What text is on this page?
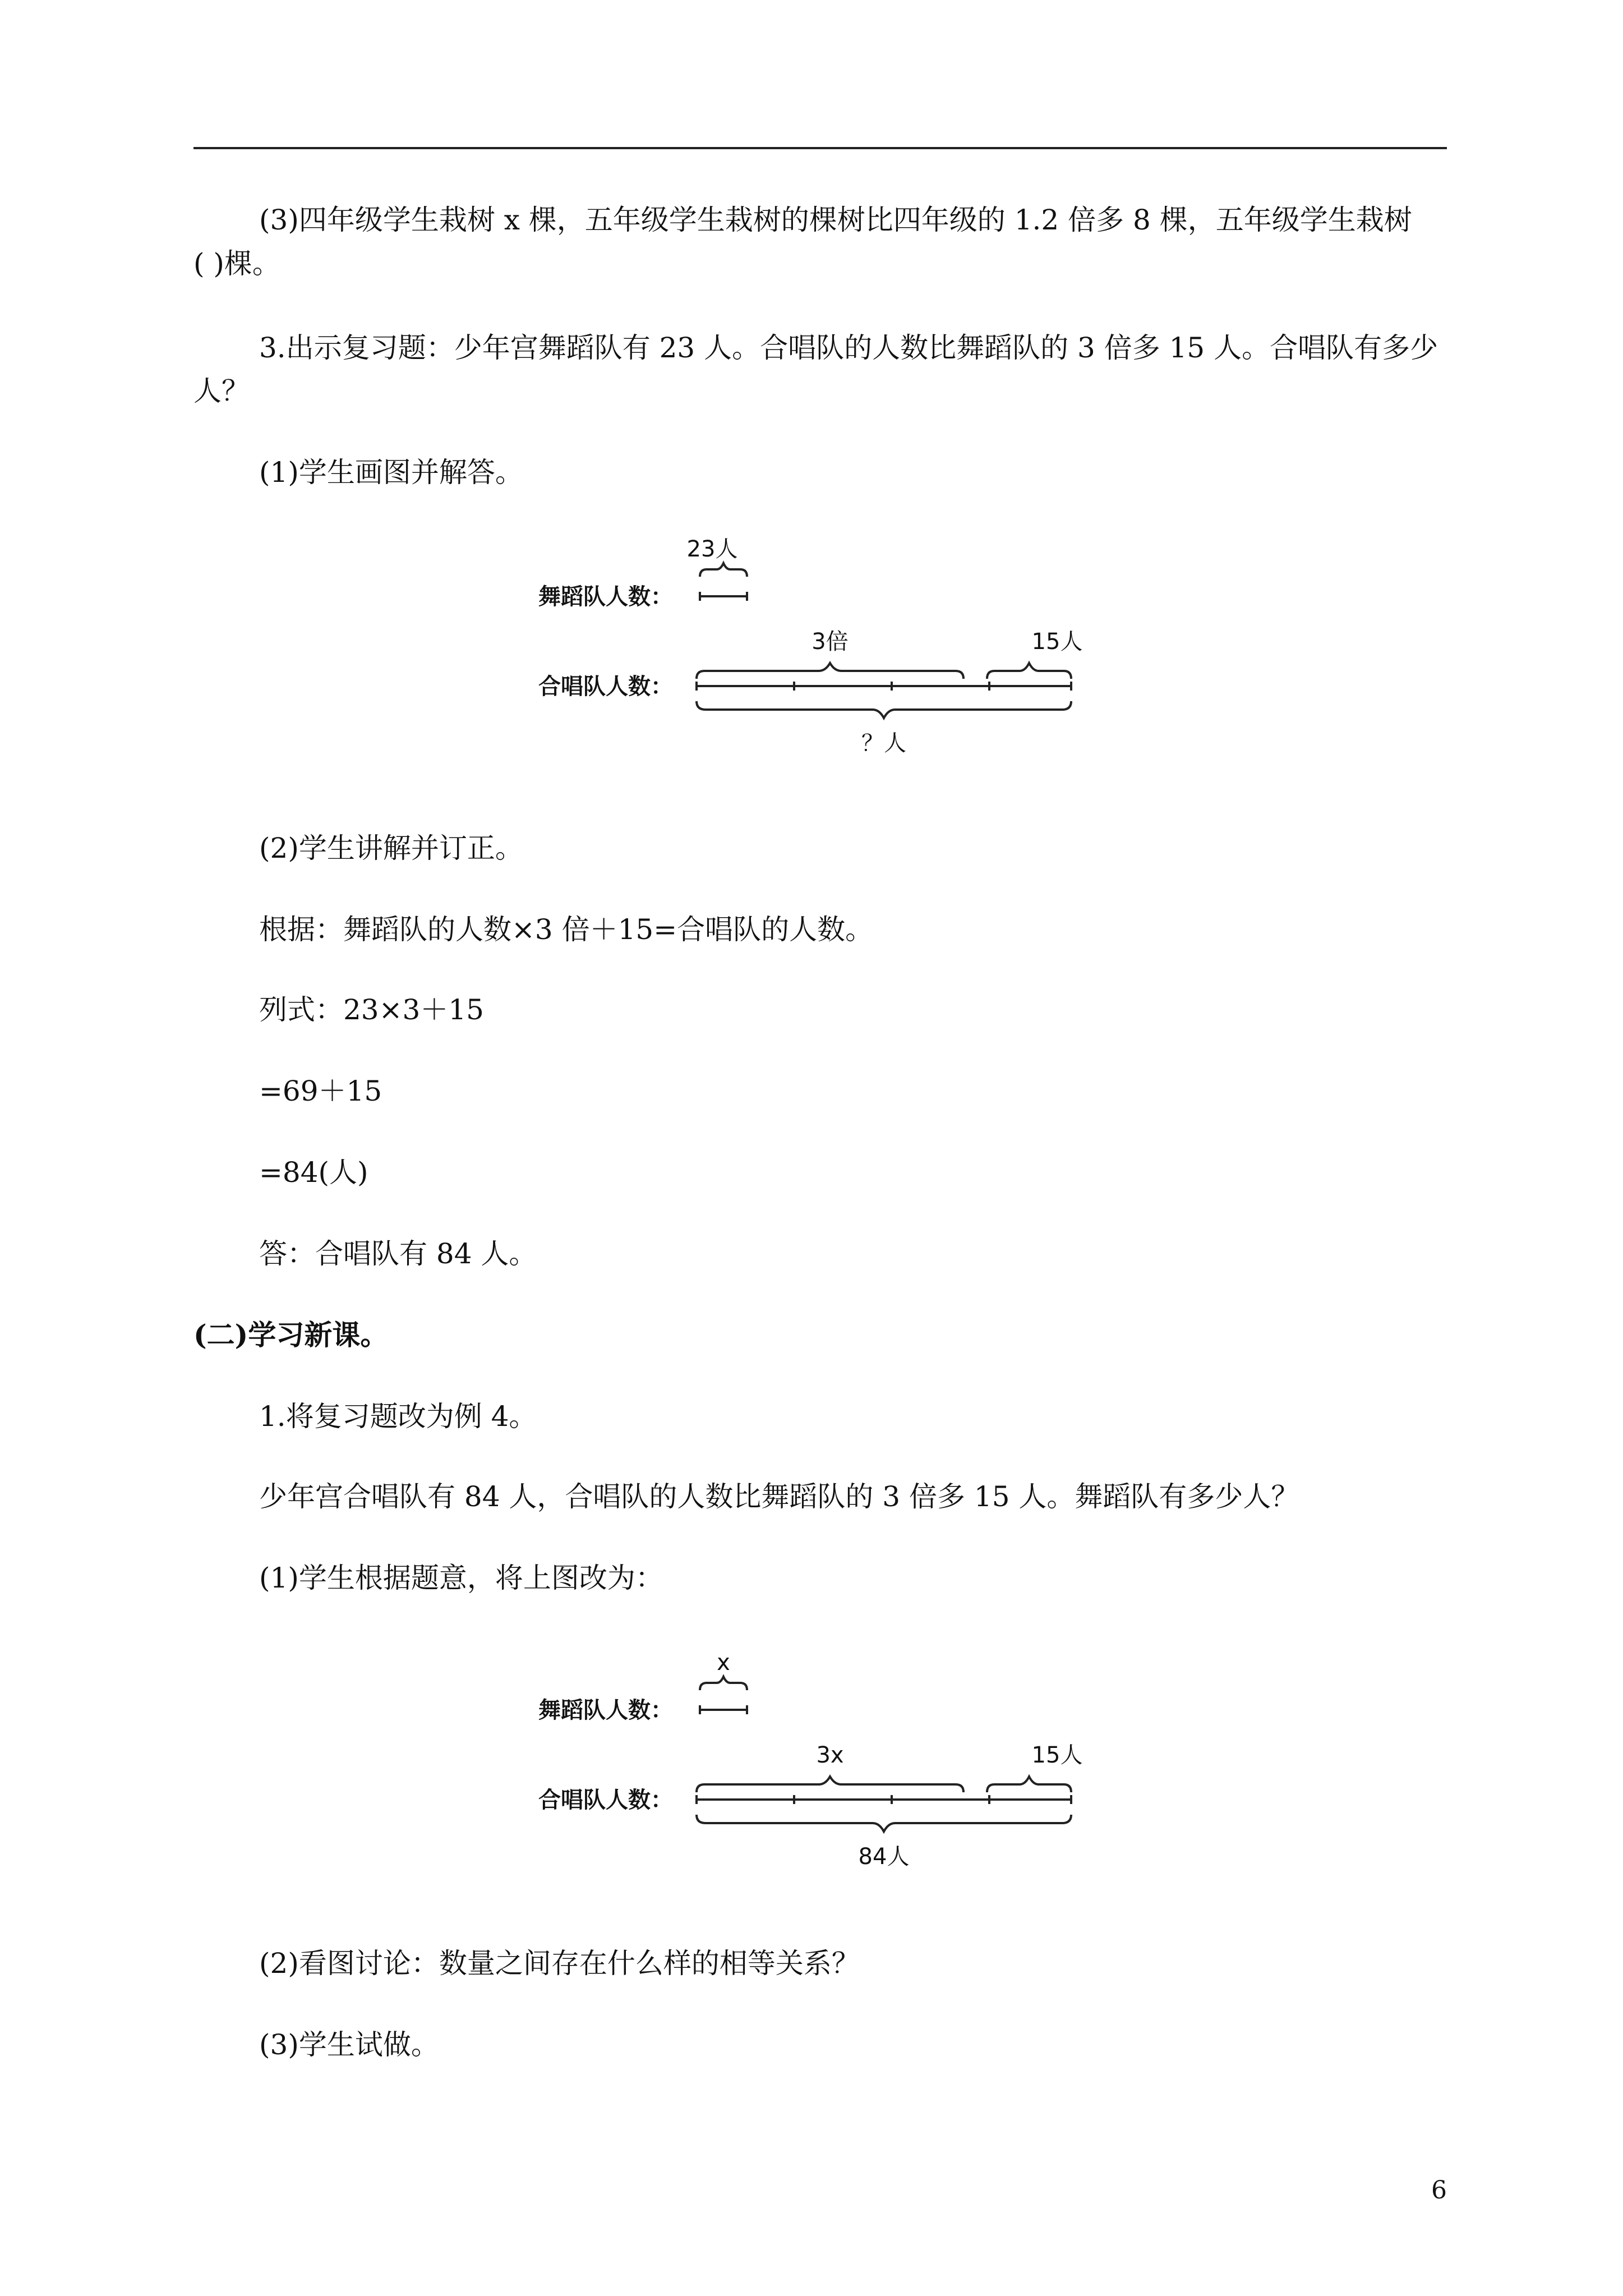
(3)四年级学生栽树 x 棵，五年级学生栽树的棵树比四年级的 1.2 倍多 8 棵，五年级学生栽树
( )棵。
3.出示复习题：少年宫舞蹈队有 23 人。合唱队的人数比舞蹈队的 3 倍多 15 人。合唱队有多少
人？
(1)学生画图并解答。
23人
舞蹈队人数：
3倍	15人
合唱队人数：
？人
(2)学生讲解并订正。
根据：舞蹈队的人数×3 倍＋15=合唱队的人数。
列式：23×3＋15
=69＋15
=84(人)
答：合唱队有 84 人。
(二)学习新课。
1.将复习题改为例 4。
少年宫合唱队有 84 人，合唱队的人数比舞蹈队的 3 倍多 15 人。舞蹈队有多少人？
(1)学生根据题意，将上图改为：
x
舞蹈队人数：
3x	15人
合唱队人数：
84人
(2)看图讨论：数量之间存在什么样的相等关系？
(3)学生试做。
6
